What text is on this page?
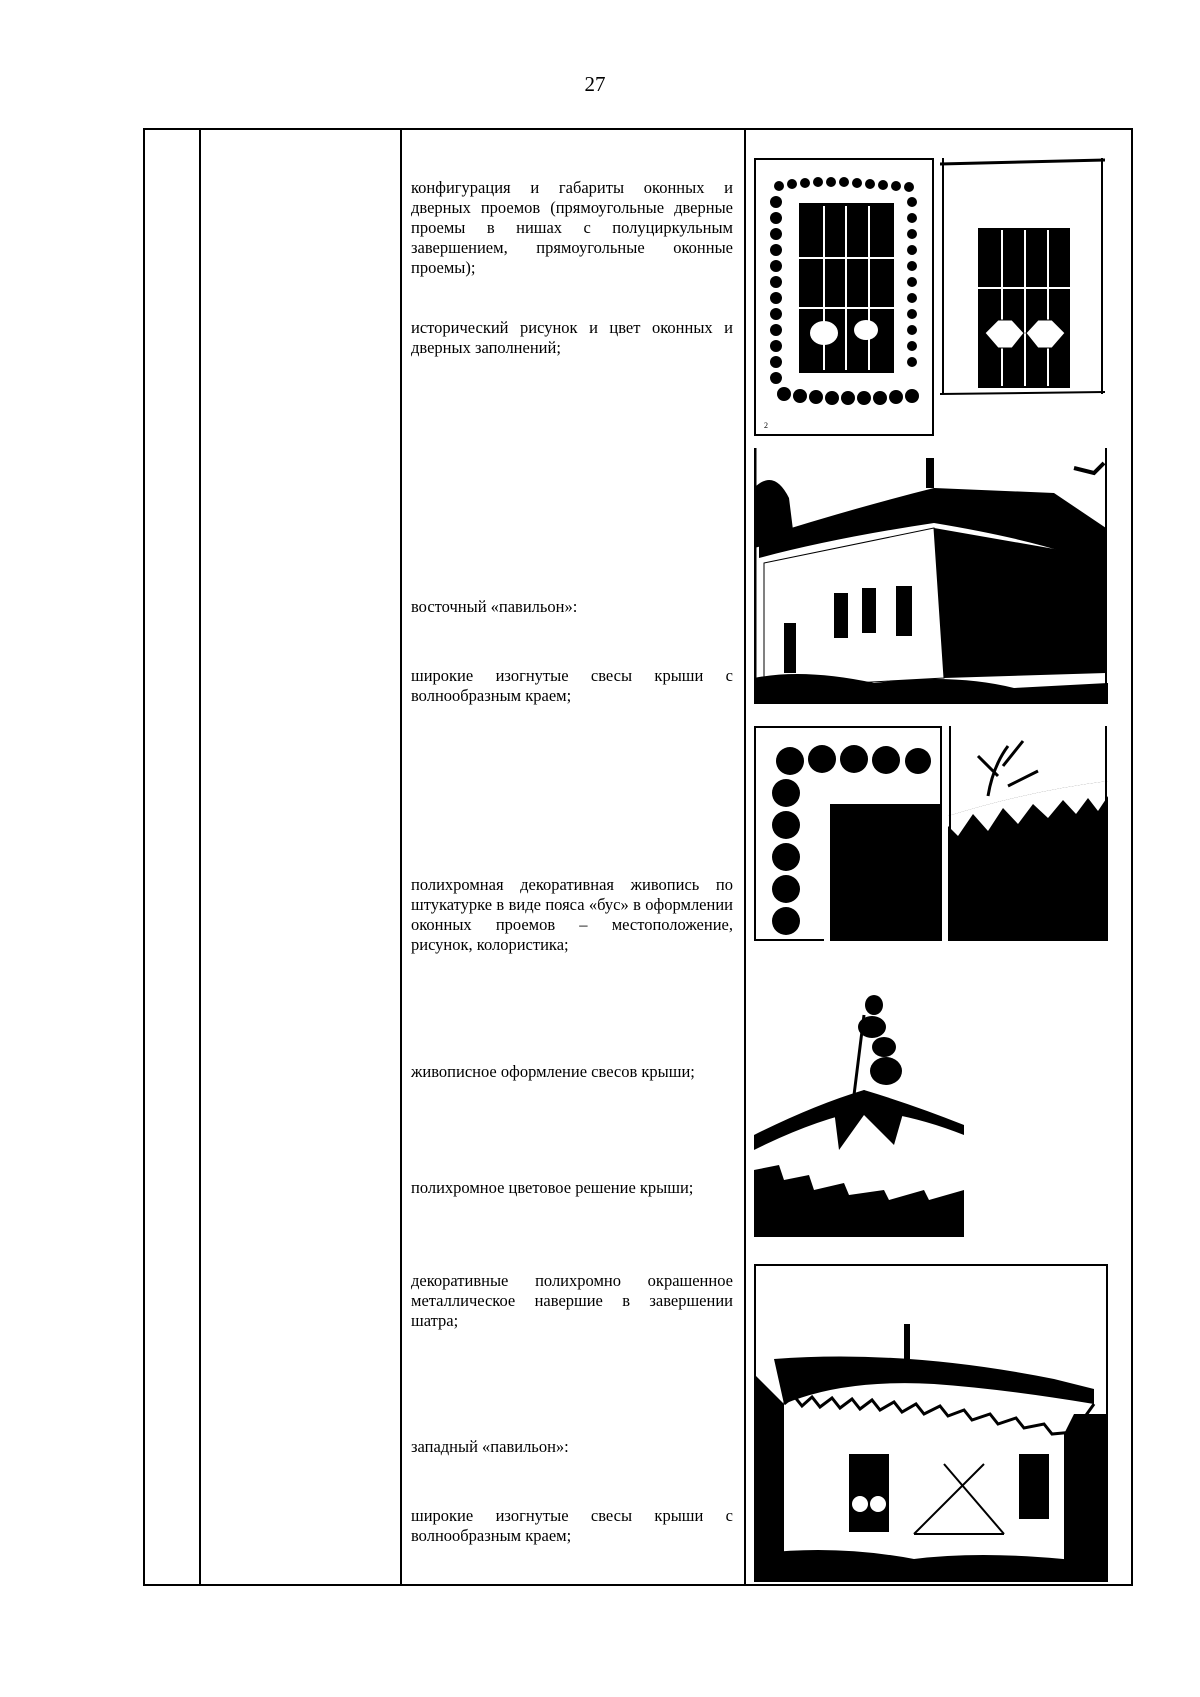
27

конфигурация и габариты оконных и дверных проемов (прямоугольные дверные проемы в нишах с полуциркульным завершением, прямоугольные оконные проемы);

исторический рисунок и цвет оконных и дверных заполнений;

восточный «павильон»:

широкие изогнутые свесы крыши с волнообразным краем;

полихромная декоративная живопись по штукатурке в виде пояса «бус» в оформлении оконных проемов – местоположение, рисунок, колористика;

живописное оформление свесов крыши;

полихромное цветовое решение крыши;

декоративные полихромно окрашенное металлическое навершие в завершении шатра;

западный «павильон»:

широкие изогнутые свесы крыши с волнообразным краем;

2
